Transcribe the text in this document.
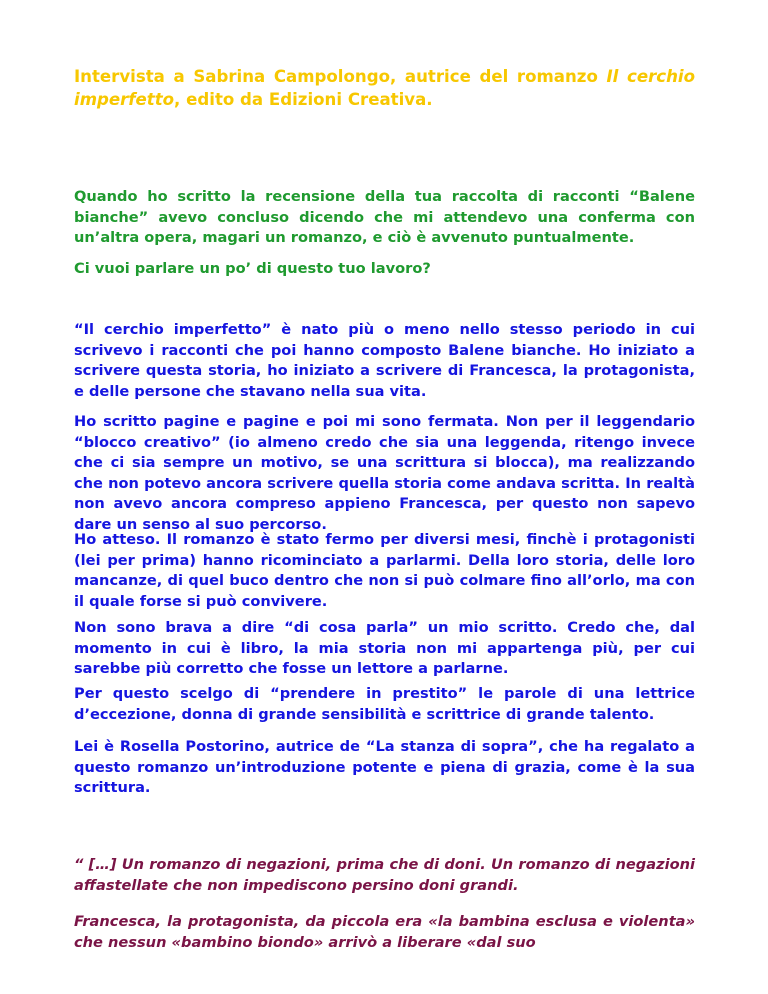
Intervista a Sabrina Campolongo, autrice del romanzo Il cerchio imperfetto, edito da Edizioni Creativa.

Quando ho scritto la recensione della tua raccolta di racconti “Balene bianche” avevo concluso dicendo che mi attendevo una conferma con un’altra opera, magari un romanzo, e ciò è avvenuto puntualmente.

Ci vuoi parlare un po’ di questo tuo lavoro?

“Il cerchio imperfetto” è nato più o meno nello stesso periodo in cui scrivevo i racconti che poi hanno composto Balene bianche. Ho iniziato a scrivere questa storia, ho iniziato a scrivere di Francesca, la protagonista, e delle persone che stavano nella sua vita.

Ho scritto pagine e pagine e poi mi sono fermata. Non per il leggendario “blocco creativo” (io almeno credo che sia una leggenda, ritengo invece che ci sia sempre un motivo, se una scrittura si blocca), ma realizzando che non potevo ancora scrivere quella storia come andava scritta. In realtà non avevo ancora compreso appieno Francesca, per questo non sapevo dare un senso al suo percorso.

Ho atteso. Il romanzo è stato fermo per diversi mesi, finchè i protagonisti (lei per prima) hanno ricominciato a parlarmi. Della loro storia, delle loro mancanze, di quel buco dentro che non si può colmare fino all’orlo, ma con il quale forse si può convivere.

Non sono brava a dire “di cosa parla” un mio scritto. Credo che, dal momento in cui è libro, la mia storia non mi appartenga più, per cui sarebbe più corretto che fosse un lettore a parlarne.

Per questo scelgo di “prendere in prestito” le parole di una lettrice d’eccezione, donna di grande sensibilità e scrittrice di grande talento.

Lei è Rosella Postorino, autrice de “La stanza di sopra”, che ha regalato a questo romanzo un’introduzione potente e piena di grazia, come è la sua scrittura.

“ […] Un romanzo di negazioni, prima che di doni. Un romanzo di negazioni affastellate che non impediscono persino doni grandi.

Francesca, la protagonista, da piccola era «la bambina esclusa e violenta» che nessun «bambino biondo» arrivò a liberare «dal suo
